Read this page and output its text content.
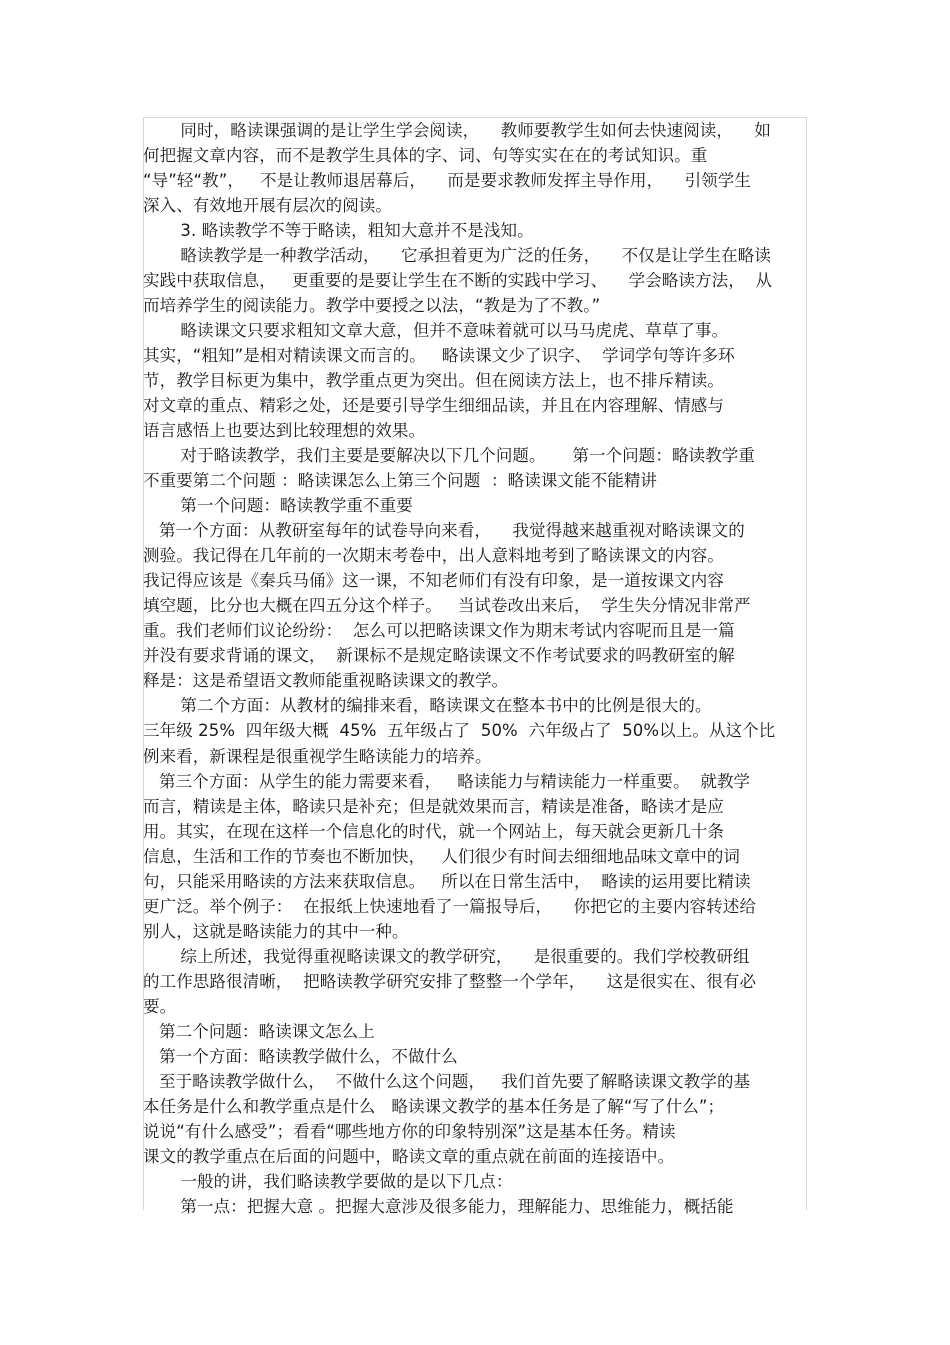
同时，略读课强调的是让学生学会阅读，    教师要教学生如何去快速阅读，    如
何把握文章内容，而不是教学生具体的字、词、句等实实在在的考试知识。重
“导”轻“教”，   不是让教师退居幕后，    而是要求教师发挥主导作用，    引领学生
深入、有效地开展有层次的阅读。
3. 略读教学不等于略读，粗知大意并不是浅知。
略读教学是一种教学活动，    它承担着更为广泛的任务，    不仅是让学生在略读
实践中获取信息，   更重要的是要让学生在不断的实践中学习、    学会略读方法，  从
而培养学生的阅读能力。教学中要授之以法，“教是为了不教。”
略读课文只要求粗知文章大意，但并不意味着就可以马马虎虎、草草了事。
其实，“粗知”是相对精读课文而言的。   略读课文少了识字、  学词学句等许多环
节，教学目标更为集中，教学重点更为突出。但在阅读方法上，也不排斥精读。
对文章的重点、精彩之处，还是要引导学生细细品读，并且在内容理解、情感与
语言感悟上也要达到比较理想的效果。
对于略读教学，我们主要是要解决以下几个问题。     第一个问题：略读教学重
不重要第二个问题 ：略读课怎么上第三个问题  ：略读课文能不能精讲
第一个问题：略读教学重不重要
第一个方面：从教研室每年的试卷导向来看，    我觉得越来越重视对略读课文的
测验。我记得在几年前的一次期末考卷中，出人意料地考到了略读课文的内容。
我记得应该是《秦兵马俑》这一课，不知老师们有没有印象，是一道按课文内容
填空题，比分也大概在四五分这个样子。   当试卷改出来后，  学生失分情况非常严
重。我们老师们议论纷纷：  怎么可以把略读课文作为期末考试内容呢而且是一篇
并没有要求背诵的课文，  新课标不是规定略读课文不作考试要求的吗教研室的解
释是：这是希望语文教师能重视略读课文的教学。
第二个方面：从教材的编排来看，略读课文在整本书中的比例是很大的。
三年级 25%  四年级大概  45%  五年级占了  50%  六年级占了  50%以上。从这个比
例来看，新课程是很重视学生略读能力的培养。
第三个方面：从学生的能力需要来看，   略读能力与精读能力一样重要。  就教学
而言，精读是主体，略读只是补充；但是就效果而言，精读是准备，略读才是应
用。其实，在现在这样一个信息化的时代，就一个网站上，每天就会更新几十条
信息，生活和工作的节奏也不断加快，   人们很少有时间去细细地品味文章中的词
句，只能采用略读的方法来获取信息。   所以在日常生活中，  略读的运用要比精读
更广泛。举个例子：  在报纸上快速地看了一篇报导后，    你把它的主要内容转述给
别人，这就是略读能力的其中一种。
综上所述，我觉得重视略读课文的教学研究，    是很重要的。我们学校教研组
的工作思路很清晰，  把略读教学研究安排了整整一个学年，    这是很实在、很有必
要。
第二个问题：略读课文怎么上
第一个方面：略读教学做什么，不做什么
至于略读教学做什么，  不做什么这个问题，   我们首先要了解略读课文教学的基
本任务是什么和教学重点是什么   略读课文教学的基本任务是了解“写了什么”；
说说“有什么感受”；看看“哪些地方你的印象特别深”这是基本任务。精读
课文的教学重点在后面的问题中，略读文章的重点就在前面的连接语中。
一般的讲，我们略读教学要做的是以下几点：
第一点：把握大意 。把握大意涉及很多能力，理解能力、思维能力，概括能
